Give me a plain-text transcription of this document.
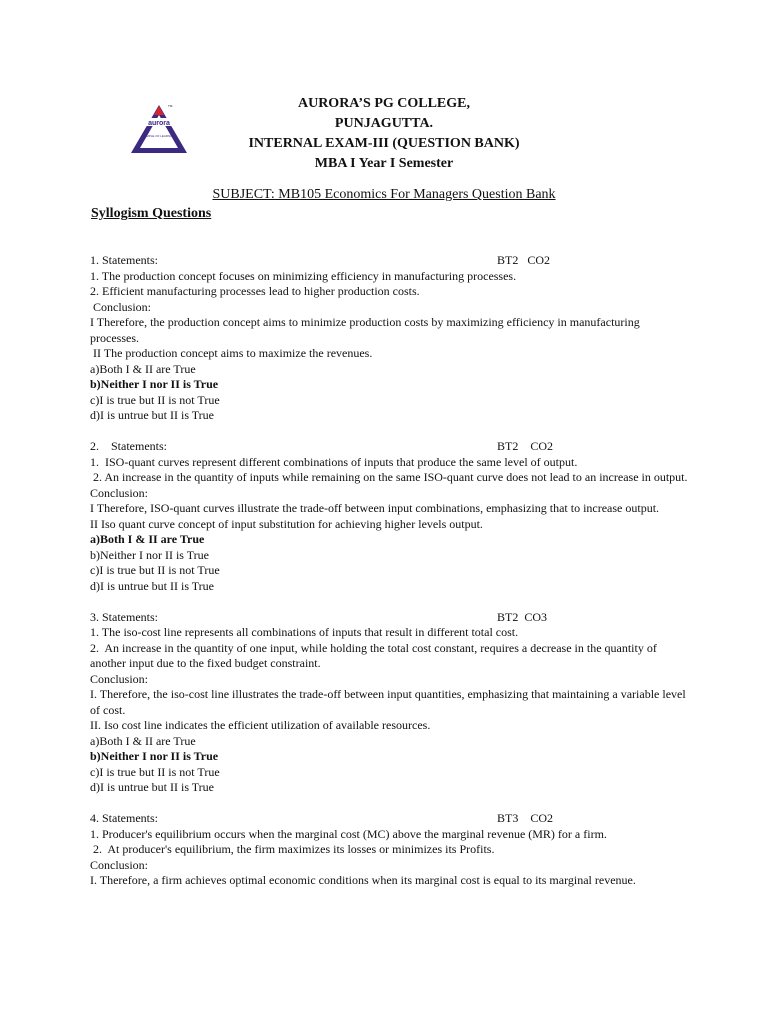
aurora
TM
TEMPLE OF LEARNING
AURORA’S PG COLLEGE,
PUNJAGUTTA.
INTERNAL EXAM-III (QUESTION BANK)
MBA I Year I Semester
SUBJECT: MB105 Economics For Managers Question Bank
Syllogism Questions
1. Statements:	BT2   CO2
1. The production concept focuses on minimizing efficiency in manufacturing processes.
2. Efficient manufacturing processes lead to higher production costs.
Conclusion:
I Therefore, the production concept aims to minimize production costs by maximizing efficiency in manufacturing processes.
II The production concept aims to maximize the revenues.
a)Both I & II are True
b)Neither I nor II is True
c)I is true but II is not True
d)I is untrue but II is True
2.    Statements:	BT2    CO2
1.  ISO-quant curves represent different combinations of inputs that produce the same level of output.
2. An increase in the quantity of inputs while remaining on the same ISO-quant curve does not lead to an increase in output.
Conclusion:
I Therefore, ISO-quant curves illustrate the trade-off between input combinations, emphasizing that to increase output.
II Iso quant curve concept of input substitution for achieving higher levels output.
a)Both I & II are True
b)Neither I nor II is True
c)I is true but II is not True
d)I is untrue but II is True
3. Statements:	BT2  CO3
1. The iso-cost line represents all combinations of inputs that result in different total cost.
2.  An increase in the quantity of one input, while holding the total cost constant, requires a decrease in the quantity of another input due to the fixed budget constraint.
Conclusion:
I. Therefore, the iso-cost line illustrates the trade-off between input quantities, emphasizing that maintaining a variable level of cost.
II. Iso cost line indicates the efficient utilization of available resources.
a)Both I & II are True
b)Neither I nor II is True
c)I is true but II is not True
d)I is untrue but II is True
4. Statements:	BT3    CO2
1. Producer's equilibrium occurs when the marginal cost (MC) above the marginal revenue (MR) for a firm.
2.  At producer's equilibrium, the firm maximizes its losses or minimizes its Profits.
Conclusion:
I. Therefore, a firm achieves optimal economic conditions when its marginal cost is equal to its marginal revenue.
